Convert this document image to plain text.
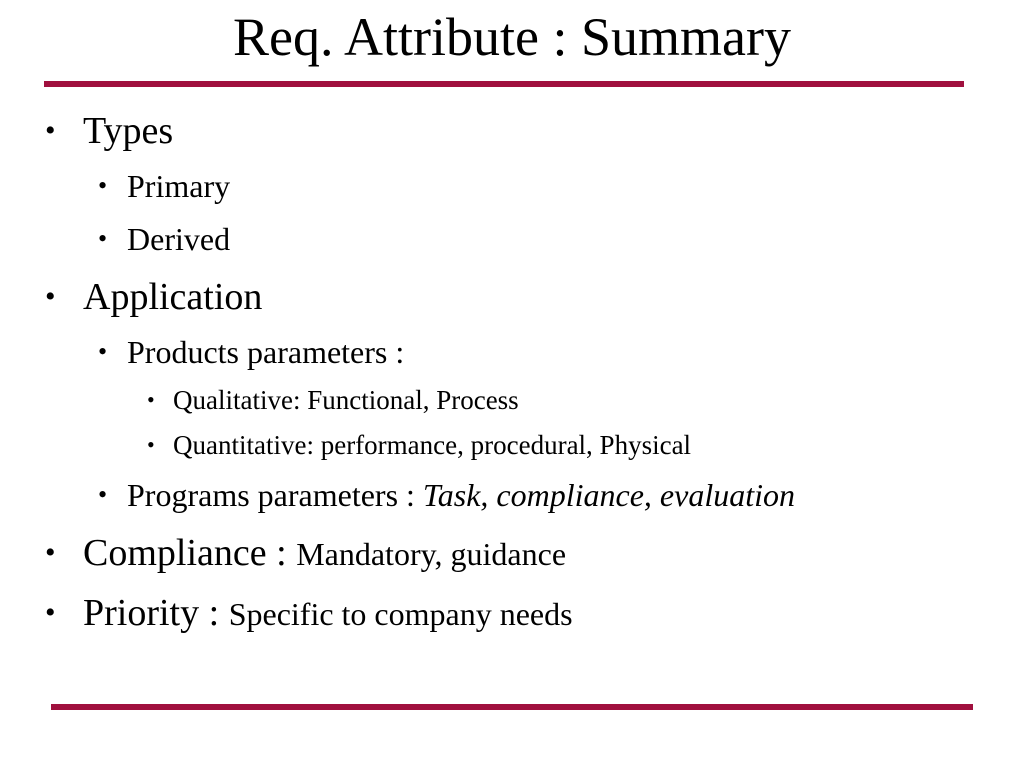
Req. Attribute : Summary
• Types
• Primary
• Derived
• Application
• Products parameters :
• Qualitative: Functional, Process
• Quantitative: performance, procedural, Physical
• Programs parameters : Task, compliance, evaluation
• Compliance : Mandatory, guidance
• Priority : Specific to company needs
